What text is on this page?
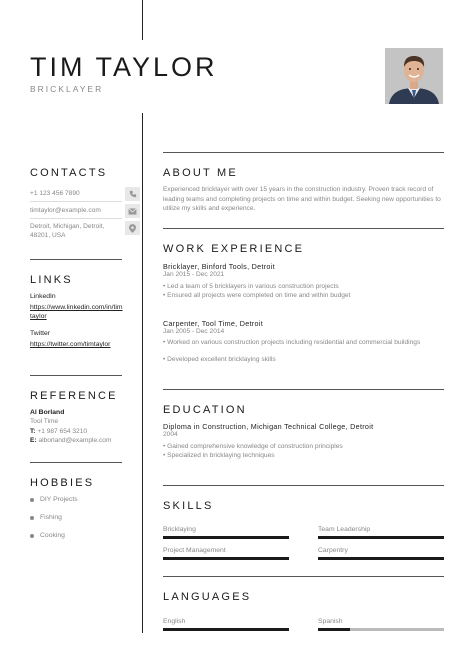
TIM TAYLOR
BRICKLAYER
CONTACTS
+1 123 456 7890
timtaylor@example.com
Detroit, Michigan, Detroit, 48201, USA
LINKS
LinkedIn
https://www.linkedin.com/in/timtaylor
Twitter
https://twitter.com/timtaylor
REFERENCE
Al Borland
Tool Time
T: +1 987 654 3210
E: alborland@example.com
HOBBIES
DIY Projects
Fishing
Cooking
ABOUT ME
Experienced bricklayer with over 15 years in the construction industry. Proven track record of leading teams and completing projects on time and within budget. Seeking new opportunities to utilize my skills and experience.
WORK EXPERIENCE
Bricklayer, Binford Tools, Detroit
Jan 2015 - Dec 2021
• Led a team of 5 bricklayers in various construction projects
• Ensured all projects were completed on time and within budget
Carpenter, Tool Time, Detroit
Jan 2005 - Dec 2014
• Worked on various construction projects including residential and commercial buildings
• Developed excellent bricklaying skills
EDUCATION
Diploma in Construction, Michigan Technical College, Detroit
2004
• Gained comprehensive knowledge of construction principles
• Specialized in bricklaying techniques
SKILLS
Bricklaying	Team Leadership
Project Management	Carpentry
LANGUAGES
English	Spanish
